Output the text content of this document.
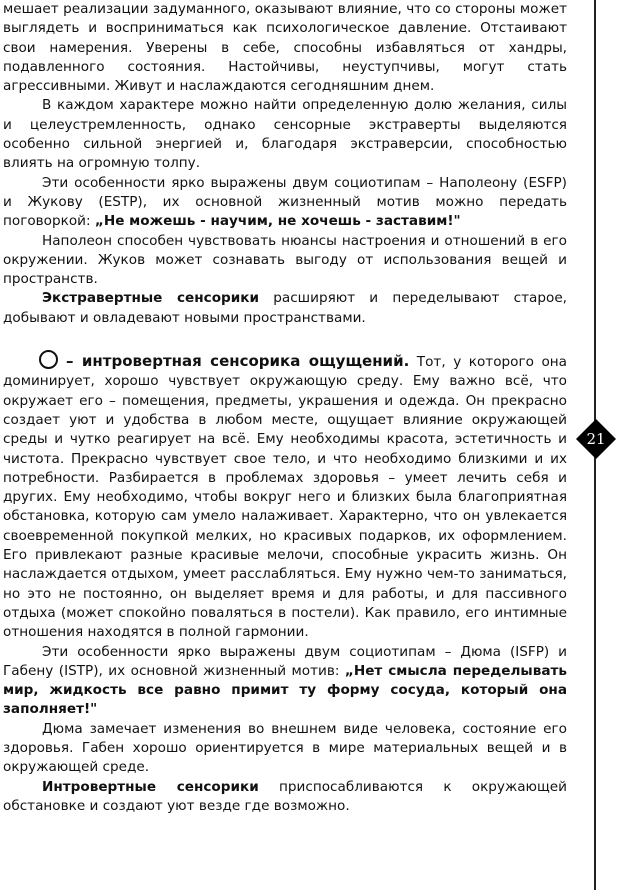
мешает реализации задуманного, оказывают влияние, что со стороны может выглядеть и восприниматься как психологическое давление. Отстаивают свои намерения. Уверены в себе, способны избавляться от хандры, подавленного состояния. Настойчивы, неуступчивы, могут стать агрессивными. Живут и наслаждаются сегодняшним днем.

В каждом характере можно найти определенную долю желания, силы и целеустремленность, однако сенсорные экстраверты выделяются особенно сильной энергией и, благодаря экстраверсии, способностью влиять на огромную толпу.

Эти особенности ярко выражены двум социотипам – Наполеону (ESFP) и Жукову (ESTP), их основной жизненный мотив можно передать поговоркой: „Не можешь - научим, не хочешь - заставим!"

Наполеон способен чувствовать нюансы настроения и отношений в его окружении. Жуков может сознавать выгоду от использования вещей и пространств.

Экстравертные сенсорики расширяют и переделывают старое, добывают и овладевают новыми пространствами.

– интровертная сенсорика ощущений. Тот, у которого она доминирует, хорошо чувствует окружающую среду. Ему важно всё, что окружает его – помещения, предметы, украшения и одежда. Он прекрасно создает уют и удобства в любом месте, ощущает влияние окружающей среды и чутко реагирует на всё. Ему необходимы красота, эстетичность и чистота. Прекрасно чувствует свое тело, и что необходимо близкими и их потребности. Разбирается в проблемах здоровья – умеет лечить себя и других. Ему необходимо, чтобы вокруг него и близких была благоприятная обстановка, которую сам умело налаживает. Характерно, что он увлекается своевременной покупкой мелких, но красивых подарков, их оформлением. Его привлекают разные красивые мелочи, способные украсить жизнь. Он наслаждается отдыхом, умеет расслабляться. Ему нужно чем-то заниматься, но это не постоянно, он выделяет время и для работы, и для пассивного отдыха (может спокойно поваляться в постели). Как правило, его интимные отношения находятся в полной гармонии.

Эти особенности ярко выражены двум социотипам – Дюма (ISFP) и Габену (ISTP), их основной жизненный мотив: „Нет смысла переделывать мир, жидкость все равно примит ту форму сосуда, который она заполняет!"

Дюма замечает изменения во внешнем виде человека, состояние его здоровья. Габен хорошо ориентируется в мире материальных вещей и в окружающей среде.

Интровертные сенсорики приспосабливаются к окружающей обстановке и создают уют везде где возможно.

21
